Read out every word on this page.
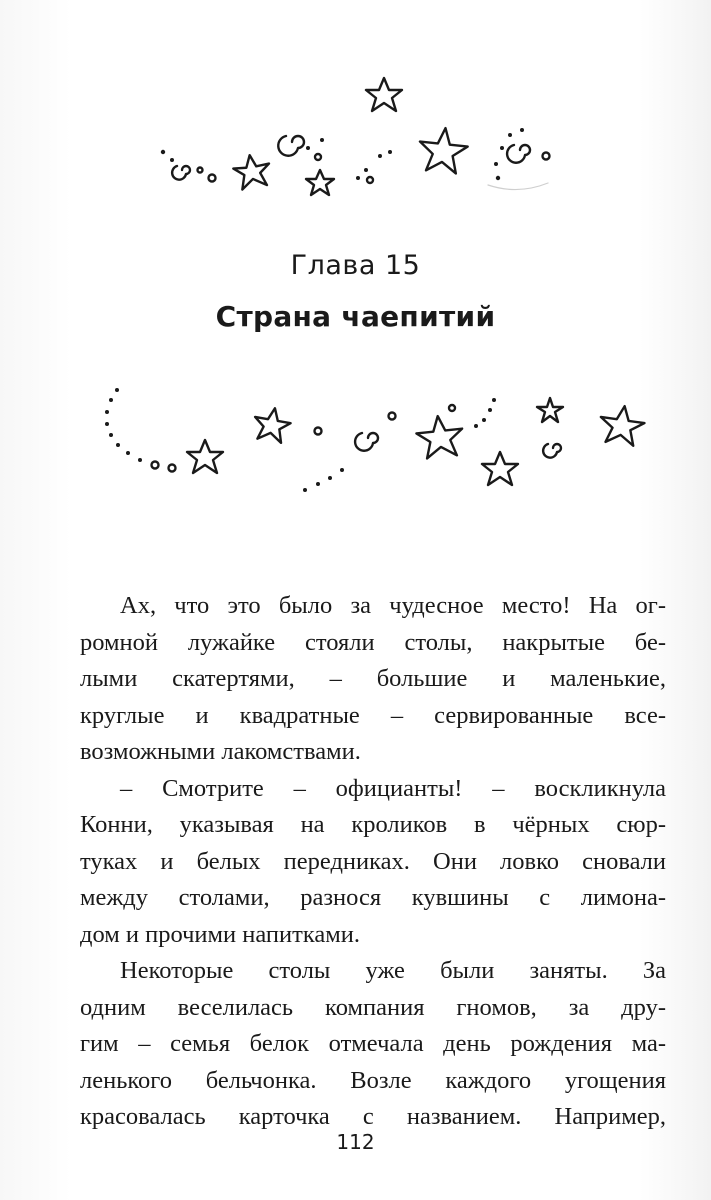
Глава 15
Страна чаепитий
Ах, что это было за чудесное место! На ог-
ромной лужайке стояли столы, накрытые бе-
лыми скатертями, – большие и маленькие,
круглые и квадратные – сервированные все-
возможными лакомствами.
– Смотрите – официанты! – воскликнула
Конни, указывая на кроликов в чёрных сюр-
туках и белых передниках. Они ловко сновали
между столами, разнося кувшины с лимона-
дом и прочими напитками.
Некоторые столы уже были заняты. За
одним веселилась компания гномов, за дру-
гим – семья белок отмечала день рождения ма-
ленького бельчонка. Возле каждого угощения
красовалась карточка с названием. Например,
112
